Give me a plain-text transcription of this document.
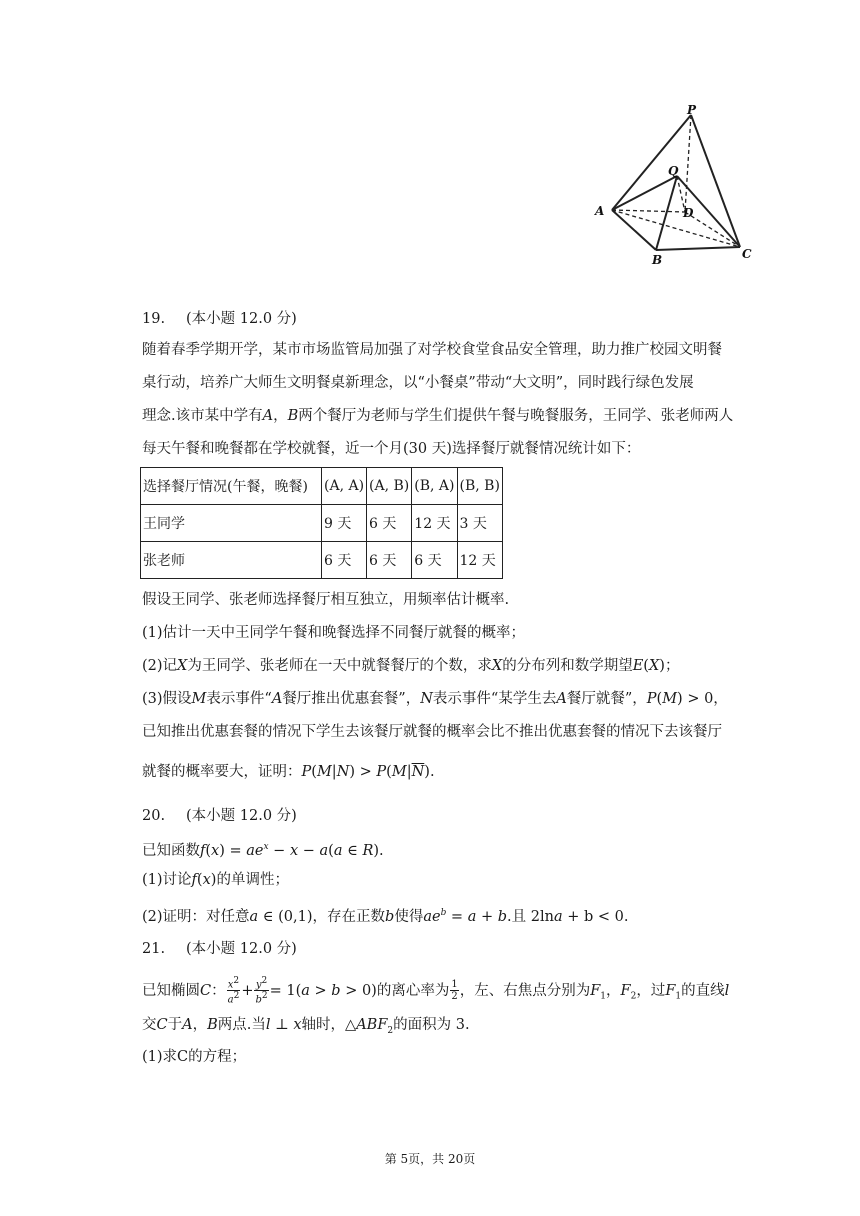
P
Q
A	D
B	C
19. (本小题 12.0 分)
随着春季学期开学，某市市场监管局加强了对学校食堂食品安全管理，助力推广校园文明餐
桌行动，培养广大师生文明餐桌新理念，以“小餐桌”带动“大文明”，同时践行绿色发展
理念.该市某中学有A，B两个餐厅为老师与学生们提供午餐与晚餐服务，王同学、张老师两人
每天午餐和晚餐都在学校就餐，近一个月(30 天)选择餐厅就餐情况统计如下：
选择餐厅情况(午餐，晚餐)	(A, A)	(A, B)	(B, A)	(B, B)
王同学	9 天	6 天	12 天	3 天
张老师	6 天	6 天	6 天	12 天
假设王同学、张老师选择餐厅相互独立，用频率估计概率.
(1)估计一天中王同学午餐和晚餐选择不同餐厅就餐的概率；
(2)记X为王同学、张老师在一天中就餐餐厅的个数，求X的分布列和数学期望E(X)；
(3)假设M表示事件“A餐厅推出优惠套餐”，N表示事件“某学生去A餐厅就餐”，P(M) > 0，
已知推出优惠套餐的情况下学生去该餐厅就餐的概率会比不推出优惠套餐的情况下去该餐厅
就餐的概率要大，证明：$P(M|N) > P(M|\overline{N})$.
20. (本小题 12.0 分)
已知函数$f(x) = ae^x - x - a(a$ ∈ R).
(1)讨论f(x)的单调性；
(2)证明：对任意a ∈ (0,1)，存在正数b使得$ae^b = a + b$.且 2lna + b < 0.
21. (本小题 12.0 分)
已知椭圆C： $\frac{x^2}{a^2} + \frac{y^2}{b^2} = 1(a > b > 0)$的离心率为 $\frac{1}{2}$ ，左、右焦点分别为$F_1$，$F_2$，过$F_1$的直线l
交C于A，B两点.当l ⊥ x轴时，$\triangle ABF_2$的面积为 3.
(1)求C的方程；
第 5页，共 20页
